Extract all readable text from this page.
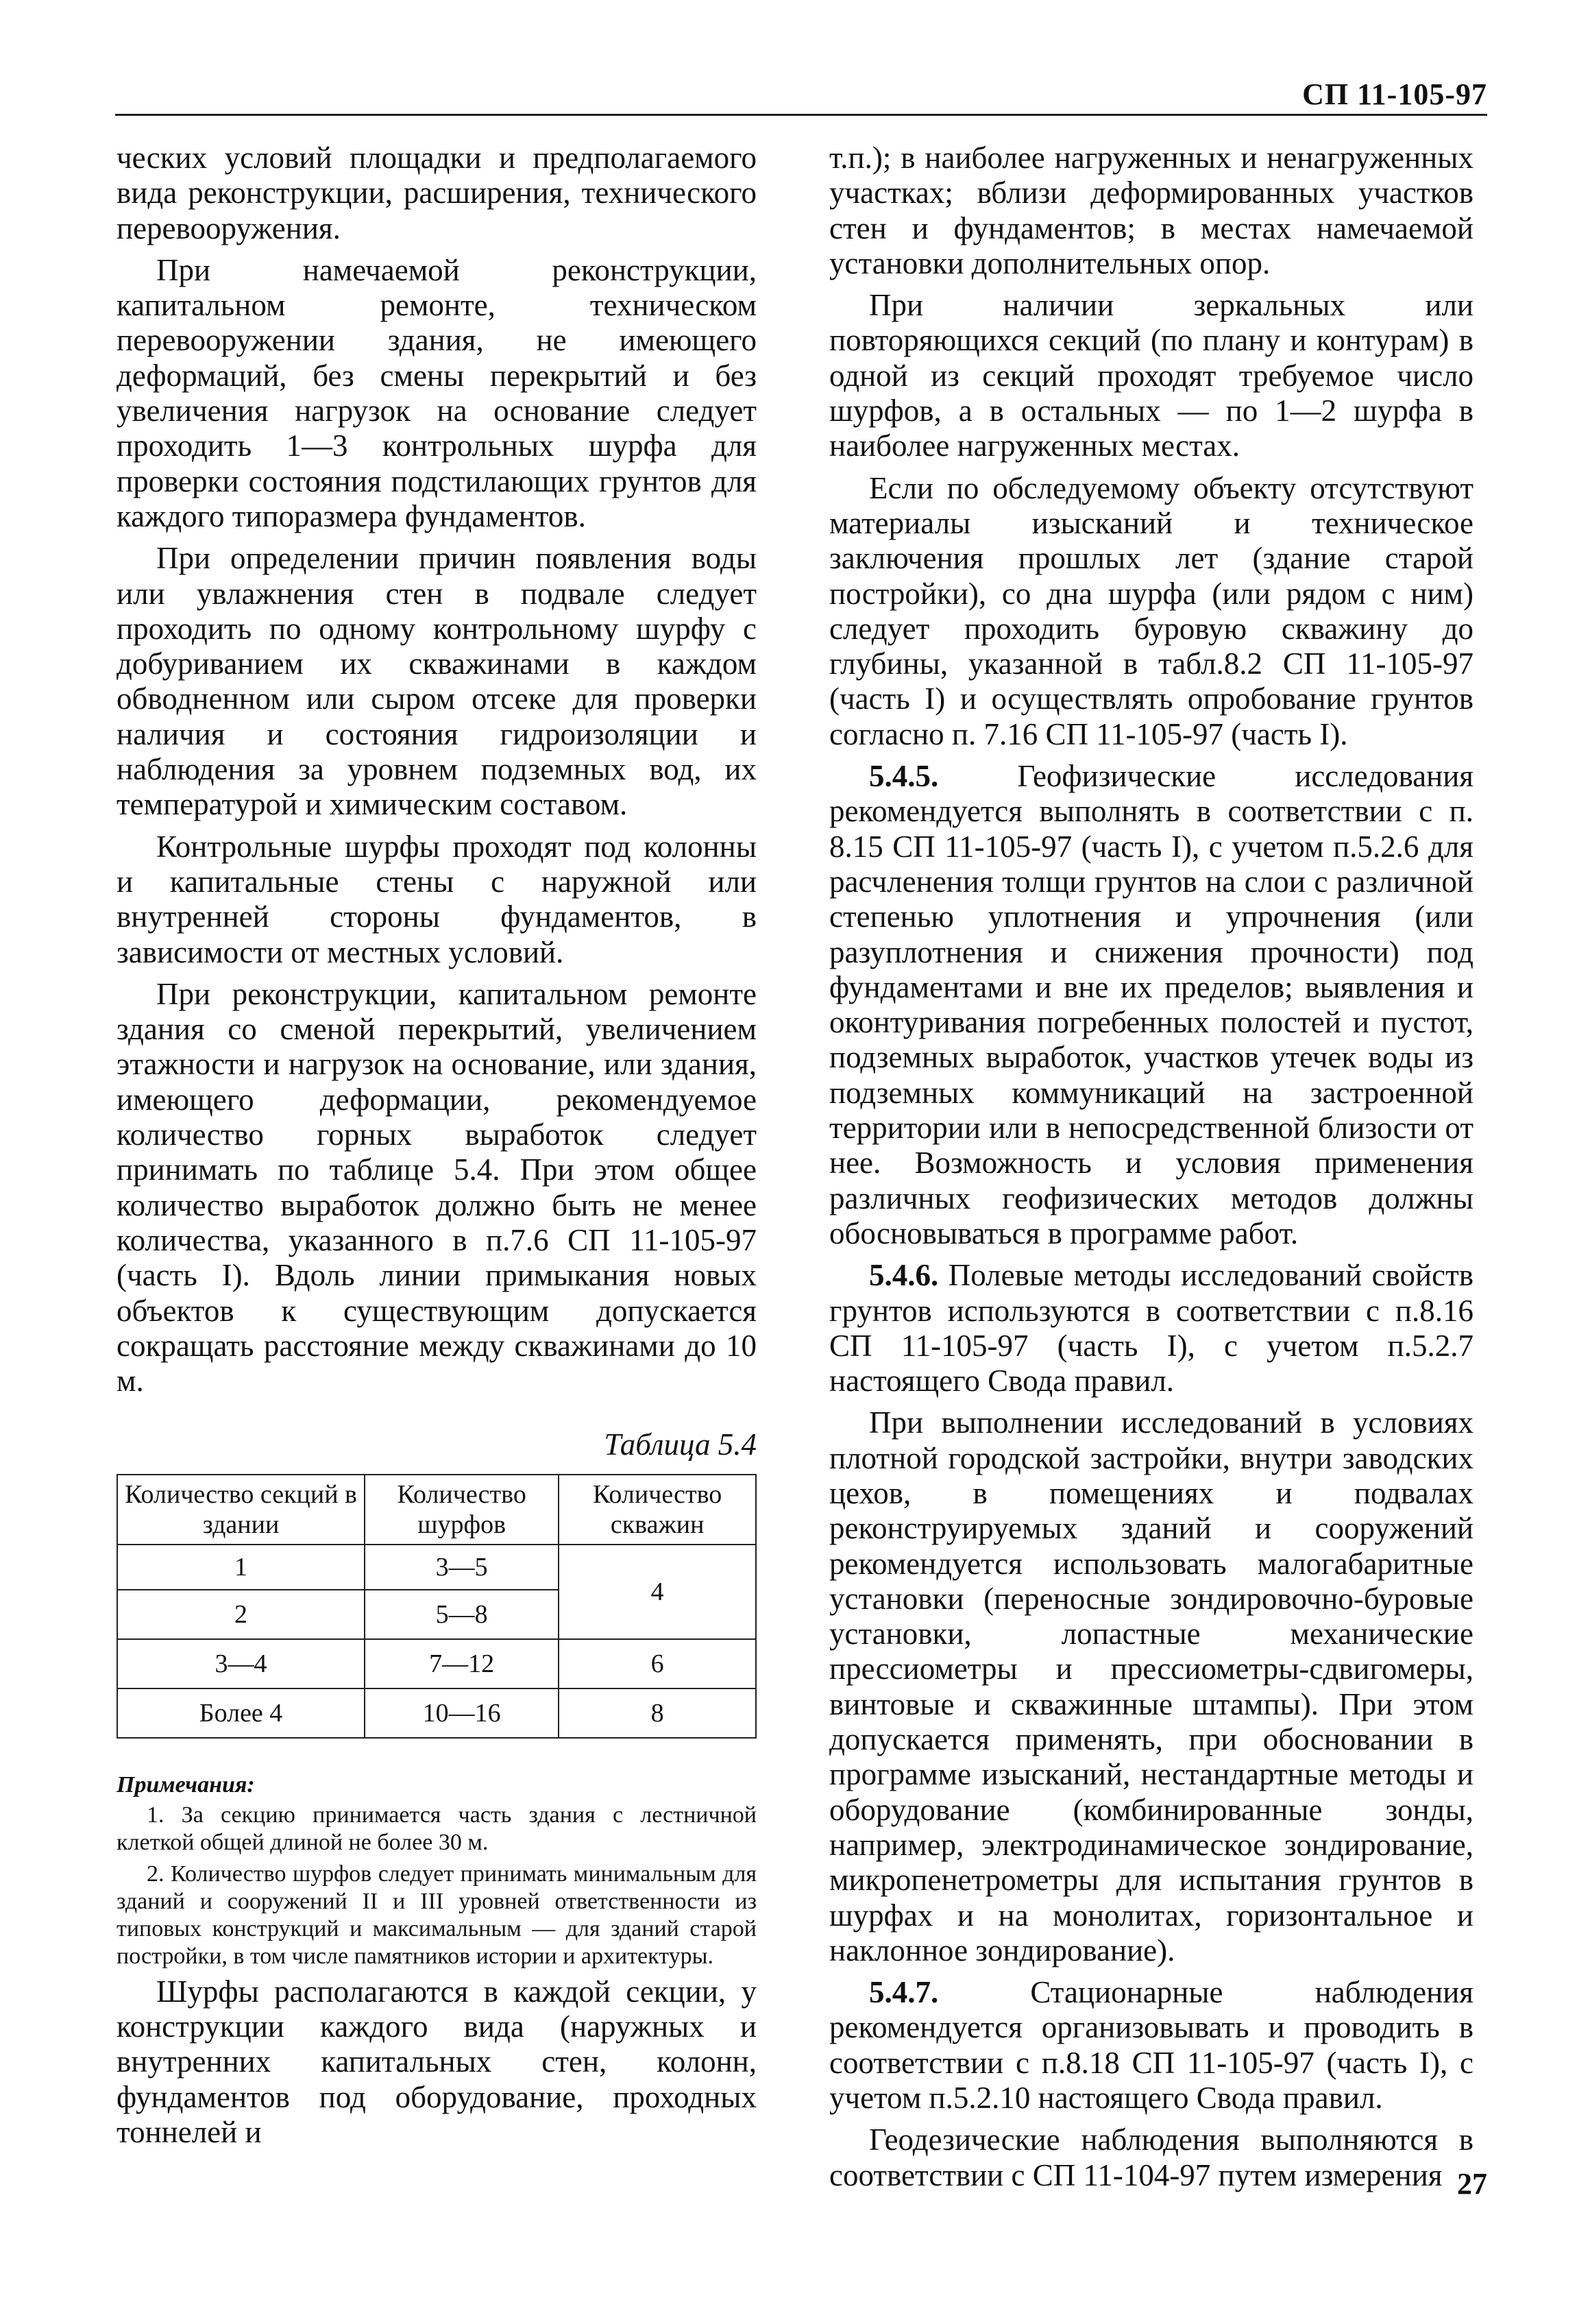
СП 11-105-97

ческих условий площадки и предполагаемого вида реконструкции, расширения, технического перевооружения.

При намечаемой реконструкции, капитальном ремонте, техническом перевооружении здания, не имеющего деформаций, без смены перекрытий и без увеличения нагрузок на основание следует проходить 1—3 контрольных шурфа для проверки состояния подстилающих грунтов для каждого типоразмера фундаментов.

При определении причин появления воды или увлажнения стен в подвале следует проходить по одному контрольному шурфу с добуриванием их скважинами в каждом обводненном или сыром отсеке для проверки наличия и состояния гидроизоляции и наблюдения за уровнем подземных вод, их температурой и химическим составом.

Контрольные шурфы проходят под колонны и капитальные стены с наружной или внутренней стороны фундаментов, в зависимости от местных условий.

При реконструкции, капитальном ремонте здания со сменой перекрытий, увеличением этажности и нагрузок на основание, или здания, имеющего деформации, рекомендуемое количество горных выработок следует принимать по таблице 5.4. При этом общее количество выработок должно быть не менее количества, указанного в п.7.6 СП 11-105-97 (часть I). Вдоль линии примыкания новых объектов к существующим допускается сокращать расстояние между скважинами до 10 м.

Таблица 5.4
Количество секций в здании	Количество шурфов	Количество скважин
1	3—5	4
2	5—8	
3—4	7—12	6
Более 4	10—16	8
Примечания:
1. За секцию принимается часть здания с лестничной клеткой общей длиной не более 30 м.
2. Количество шурфов следует принимать минимальным для зданий и сооружений II и III уровней ответственности из типовых конструкций и максимальным — для зданий старой постройки, в том числе памятников истории и архитектуры.

Шурфы располагаются в каждой секции, у конструкции каждого вида (наружных и внутренних капитальных стен, колонн, фундаментов под оборудование, проходных тоннелей и

т.п.); в наиболее нагруженных и ненагруженных участках; вблизи деформированных участков стен и фундаментов; в местах намечаемой установки дополнительных опор.

При наличии зеркальных или повторяющихся секций (по плану и контурам) в одной из секций проходят требуемое число шурфов, а в остальных — по 1—2 шурфа в наиболее нагруженных местах.

Если по обследуемому объекту отсутствуют материалы изысканий и техническое заключения прошлых лет (здание старой постройки), со дна шурфа (или рядом с ним) следует проходить буровую скважину до глубины, указанной в табл.8.2 СП 11-105-97 (часть I) и осуществлять опробование грунтов согласно п. 7.16 СП 11-105-97 (часть I).

5.4.5.	Геофизические исследования рекомендуется выполнять в соответствии с п. 8.15 СП 11-105-97 (часть I), с учетом п.5.2.6 для расчленения толщи грунтов на слои с различной степенью уплотнения и упрочнения (или разуплотнения и снижения прочности) под фундаментами и вне их пределов; выявления и оконтуривания погребенных полостей и пустот, подземных выработок, участков утечек воды из подземных коммуникаций на застроенной территории или в непосредственной близости от нее. Возможность и условия применения различных геофизических методов должны обосновываться в программе работ.

5.4.6. Полевые методы исследований свойств грунтов используются в соответствии с п.8.16 СП 11-105-97 (часть I), с учетом п.5.2.7 настоящего Свода правил.

При выполнении исследований в условиях плотной городской застройки, внутри заводских цехов, в помещениях и подвалах реконструируемых зданий и сооружений рекомендуется использовать малогабаритные установки (переносные зондировочно-буровые установки, лопастные механические прессиометры и прессиометры-сдвигомеры, винтовые и скважинные штампы). При этом допускается применять, при обосновании в программе изысканий, нестандартные методы и оборудование (комбинированные зонды, например, электродинамическое зондирование, микропенетрометры для испытания грунтов в шурфах и на монолитах, горизонтальное и наклонное зондирование).

5.4.7.	Стационарные наблюдения рекомендуется организовывать и проводить в соответствии с п.8.18 СП 11-105-97 (часть I), с учетом п.5.2.10 настоящего Свода правил.

Геодезические наблюдения выполняются в соответствии с СП 11-104-97 путем измерения 27
